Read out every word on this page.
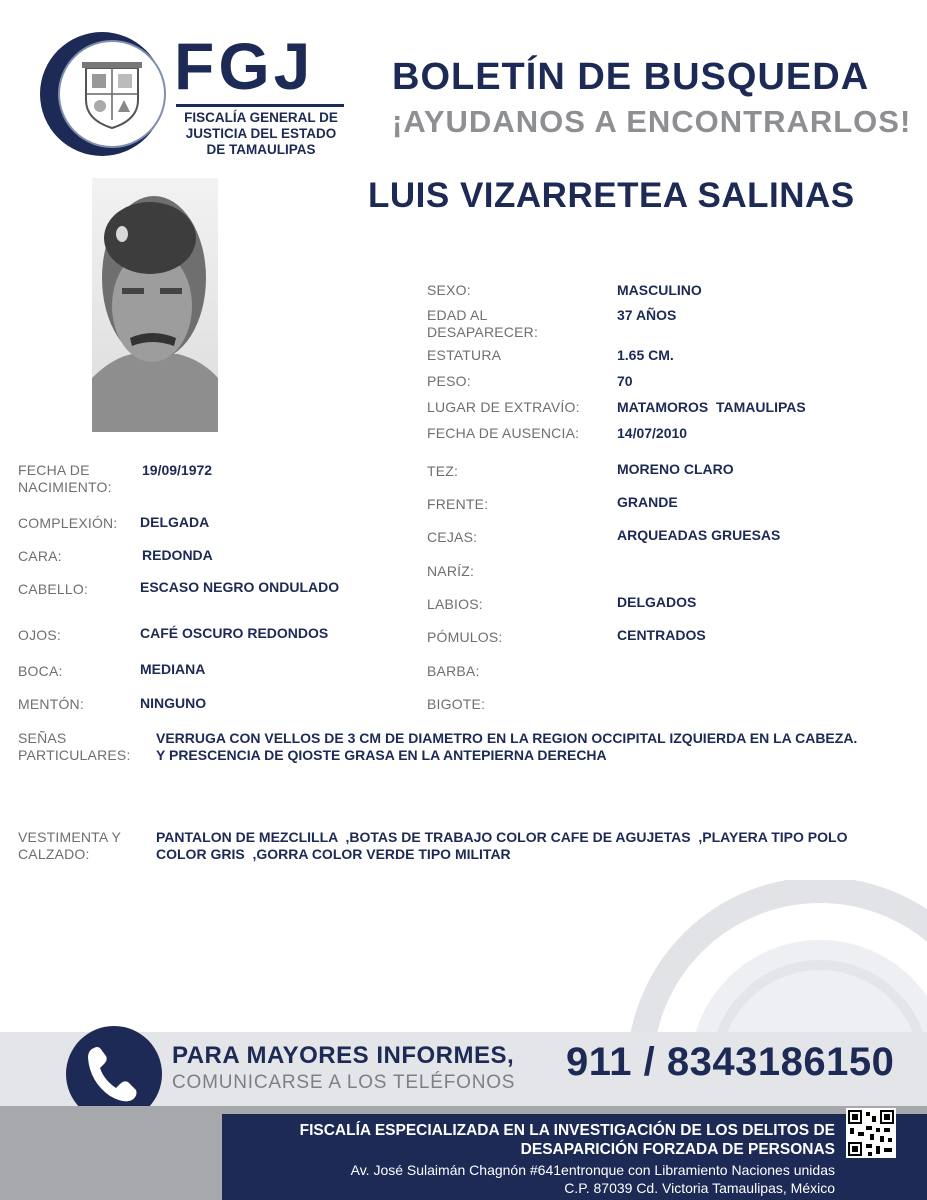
FGJ
FISCALÍA GENERAL DE
JUSTICIA DEL ESTADO
DE TAMAULIPAS
BOLETÍN DE BUSQUEDA
¡AYUDANOS A ENCONTRARLOS!
LUIS VIZARRETEA SALINAS
SEXO:	MASCULINO
EDAD AL DESAPARECER:
37 AÑOS
ESTATURA	1.65 CM.
PESO:	70
LUGAR DE EXTRAVÍO:	MATAMOROS  TAMAULIPAS
FECHA DE AUSENCIA:	14/07/2010
TEZ:	MORENO CLARO
FRENTE:	GRANDE
CEJAS:	ARQUEADAS GRUESAS
NARÍZ:
LABIOS:	DELGADOS
PÓMULOS:	CENTRADOS
BARBA:
BIGOTE:
FECHA DE NACIMIENTO:
19/09/1972
COMPLEXIÓN: DELGADA
CARA:	REDONDA
CABELLO:	ESCASO NEGRO ONDULADO
OJOS:	CAFÉ OSCURO REDONDOS
BOCA:	MEDIANA
MENTÓN:	NINGUNO
SEÑAS PARTICULARES:
VERRUGA CON VELLOS DE 3 CM DE DIAMETRO EN LA REGION OCCIPITAL IZQUIERDA EN LA CABEZA. Y PRESCENCIA DE QIOSTE GRASA EN LA ANTEPIERNA DERECHA
VESTIMENTA Y CALZADO:
PANTALON DE MEZCLILLA  ,BOTAS DE TRABAJO COLOR CAFE DE AGUJETAS  ,PLAYERA TIPO POLO COLOR GRIS  ,GORRA COLOR VERDE TIPO MILITAR
PARA MAYORES INFORMES,
COMUNICARSE A LOS TELÉFONOS 911 / 8343186150
FISCALÍA ESPECIALIZADA EN LA INVESTIGACIÓN DE LOS DELITOS DE
DESAPARICIÓN FORZADA DE PERSONAS
Av. José Sulaimán Chagnón #641entronque con Libramiento Naciones unidas
C.P. 87039 Cd. Victoria Tamaulipas, México
